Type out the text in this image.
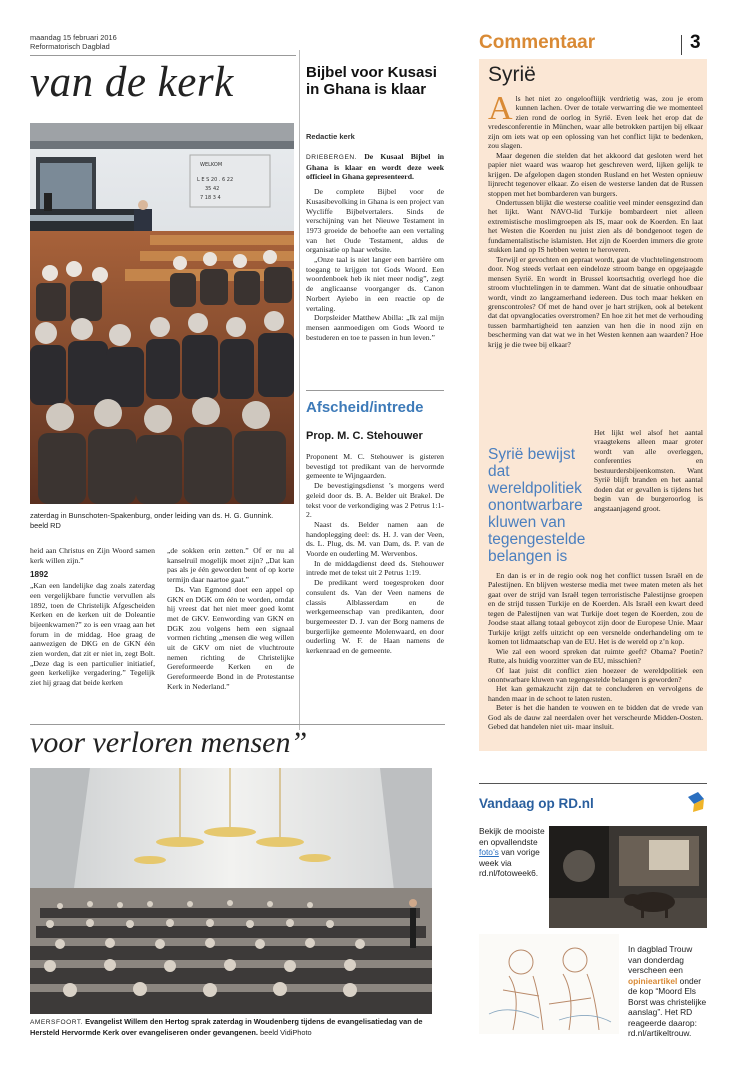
maandag 15 februari 2016
Reformatorisch Dagblad
van de kerk
WELKOM
L E S 20 . 6 22
35 42
7 18 3 4
zaterdag in Bunschoten-Spakenburg, onder leiding van ds. H. G. Gunnink.
beeld RD

heid aan Christus en Zijn Woord samen kerk willen zijn.”

1892

„Kan een landelijke dag zoals zaterdag een vergelijkbare functie vervullen als 1892, toen de Christelijk Afgescheiden Kerken en de kerken uit de Doleantie bijeenkwamen?” zo is een vraag aan het forum in de middag. Hoe graag de aanwezigen de DKG en de GKN één zien worden, dat zit er niet in, zegt Bolt. „Deze dag is een particulier initiatief, geen kerkelijke vergadering.” Tegelijk ziet hij graag dat beide kerken

„de sokken erin zetten.” Of er nu al kanselruil mogelijk moet zijn? „Dat kan pas als je één geworden bent of op korte termijn daar naartoe gaat.”

Ds. Van Egmond doet een appel op GKN en DGK om één te worden, omdat hij vreest dat het niet meer goed komt met de GKV. Eenwording van GKN en DGK zou volgens hem een signaal vormen richting „mensen die weg willen uit de GKV om niet de vluchtroute nemen richting de Christelijke Gereformeerde Kerken en de Gereformeerde Bond in de Protestantse Kerk in Nederland.”

Bijbel voor Kusasi in Ghana is klaar
Redactie kerk

DRIEBERGEN. De Kusaal Bijbel in Ghana is klaar en wordt deze week officieel in Ghana gepresenteerd.

De complete Bijbel voor de Kusasibevolking in Ghana is een project van Wycliffe Bijbelvertalers. Sinds de verschijning van het Nieuwe Testament in 1973 groeide de behoefte aan een vertaling van het Oude Testament, aldus de organisatie op haar website.

„Onze taal is niet langer een barrière om toegang te krijgen tot Gods Woord. Een woordenboek heb ik niet meer nodig”, zegt de anglicaanse voorganger ds. Canon Norbert Ayiebo in een reactie op de vertaling.

Dorpsleider Matthew Abilla: „Ik zal mijn mensen aanmoedigen om Gods Woord te bestuderen en toe te passen in hun leven.”

Afscheid/intrede
Prop. M. C. Stehouwer

Proponent M. C. Stehouwer is gisteren bevestigd tot predikant van de hervormde gemeente te Wijngaarden.

De bevestigingsdienst ’s morgens werd geleid door ds. B. A. Belder uit Brakel. De tekst voor de verkondiging was 2 Petrus 1:1-2.

Naast ds. Belder namen aan de handoplegging deel: ds. H. J. van der Veen, ds. L. Plug, ds. M. van Dam, ds. P. van de Voorde en ouderling M. Wervenbos.

In de middagdienst deed ds. Stehouwer intrede met de tekst uit 2 Petrus 1:19.

De predikant werd toegesproken door consulent ds. Van der Veen namens de classis Alblasserdam en de werkgemeenschap van predikanten, door burgemeester D. J. van der Borg namens de burgerlijke gemeente Molenwaard, en door ouderling W. F. de Haan namens de kerkenraad en de gemeente.

voor verloren mensen”
AMERSFOORT. Evangelist Willem den Hertog sprak zaterdag in Woudenberg tijdens de evangelisatiedag van de Hersteld Hervormde Kerk over evangeliseren onder gevangenen. beeld VidiPhoto
Commentaar	3
Syrië

Als het niet zo ongeloofliijk verdrietig was, zou je erom kunnen lachen. Over de totale verwarring die we momenteel zien rond de oorlog in Syrië. Even leek het erop dat de vredesconferentie in München, waar alle betrokken partijen bij elkaar zijn om iets wat op een oplossing van het conflict lijkt te bedenken, zou slagen.

Maar degenen die stelden dat het akkoord dat gesloten werd het papier niet waard was waarop het geschreven werd, lijken gelijk te krijgen. De afgelopen dagen stonden Rusland en het Westen opnieuw lijnrecht tegenover elkaar. Zo eisen de westerse landen dat de Russen stoppen met het bombarderen van burgers.

Ondertussen blijkt die westerse coalitie veel minder eensgezind dan het lijkt. Want NAVO-lid Turkije bombardeert niet alleen extremistische moslimgroepen als IS, maar ook de Koerden. En laat het Westen die Koerden nu juist zien als dé bondgenoot tegen de fundamentalistische islamisten. Het zijn de Koerden immers die grote stukken land op IS hebben weten te heroveren.

Terwijl er gevochten en gepraat wordt, gaat de vluchtelingenstroom door. Nog steeds verlaat een eindeloze stroom bange en opgejaagde mensen Syrië. En wordt in Brussel koortsachtig overlegd hoe die stroom vluchtelingen in te dammen. Want dat de situatie onhoudbaar wordt, vindt zo langzamerhand iedereen. Dus toch maar hekken en grenscontroles? Of met de hand over je hart strijken, ook al betekent dat dat opvanglocaties overstromen? En hoe zit het met de verhouding tussen barmhartigheid ten aanzien van hen die in nood zijn en bescherming van dat wat we in het Westen kennen aan waarden? Hoe krijg je die twee bij elkaar?

Syrië bewijst dat wereldpolitiek onontwarbare kluwen van tegengestelde belangen is

Het lijkt wel alsof het aantal vraagtekens alleen maar groter wordt van alle overleggen, conferenties en bestuurdersbijeenkomsten. Want Syrië blijft branden en het aantal doden dat er gevallen is tijdens het begin van de burgeroorlog is angstaanjagend groot.

En dan is er in de regio ook nog het conflict tussen Israël en de Palestijnen. En blijven westerse media met twee maten meten als het gaat over de strijd van Israël tegen terroristische Palestijnse groepen en de strijd tussen Turkije en de Koerden. Als Israël een kwart deed tegen de Palestijnen van wat Turkije doet tegen de Koerden, zou de Joodse staat allang totaal geboycot zijn door de Europese Unie. Maar Turkije krijgt zelfs uitzicht op een versnelde onderhandeling om te komen tot lidmaatschap van de EU. Het is de wereld op z’n kop.

Wie zal een woord spreken dat ruimte geeft? Obama? Poetin? Rutte, als huidig voorzitter van de EU, misschien?

Of laat juist dit conflict zien hoezeer de wereldpolitiek een onontwarbare kluwen van tegengestelde belangen is geworden?

Het kan gemakzucht zijn dat te concluderen en vervolgens de handen maar in de schoot te laten rusten.

Beter is het die handen te vouwen en te bidden dat de vrede van God als de dauw zal neerdalen over het verscheurde Midden-Oosten. Gebed dat handelen niet uit- maar insluit.

Vandaag op RD.nl
Bekijk de mooiste en opvallendste foto’s van vorige week via rd.nl/fotoweek6.
In dagblad Trouw van donderdag verscheen een opinieartikel onder de kop “Moord Els Borst was christelijke aanslag”. Het RD reageerde daarop: rd.nl/artikeltrouw.
